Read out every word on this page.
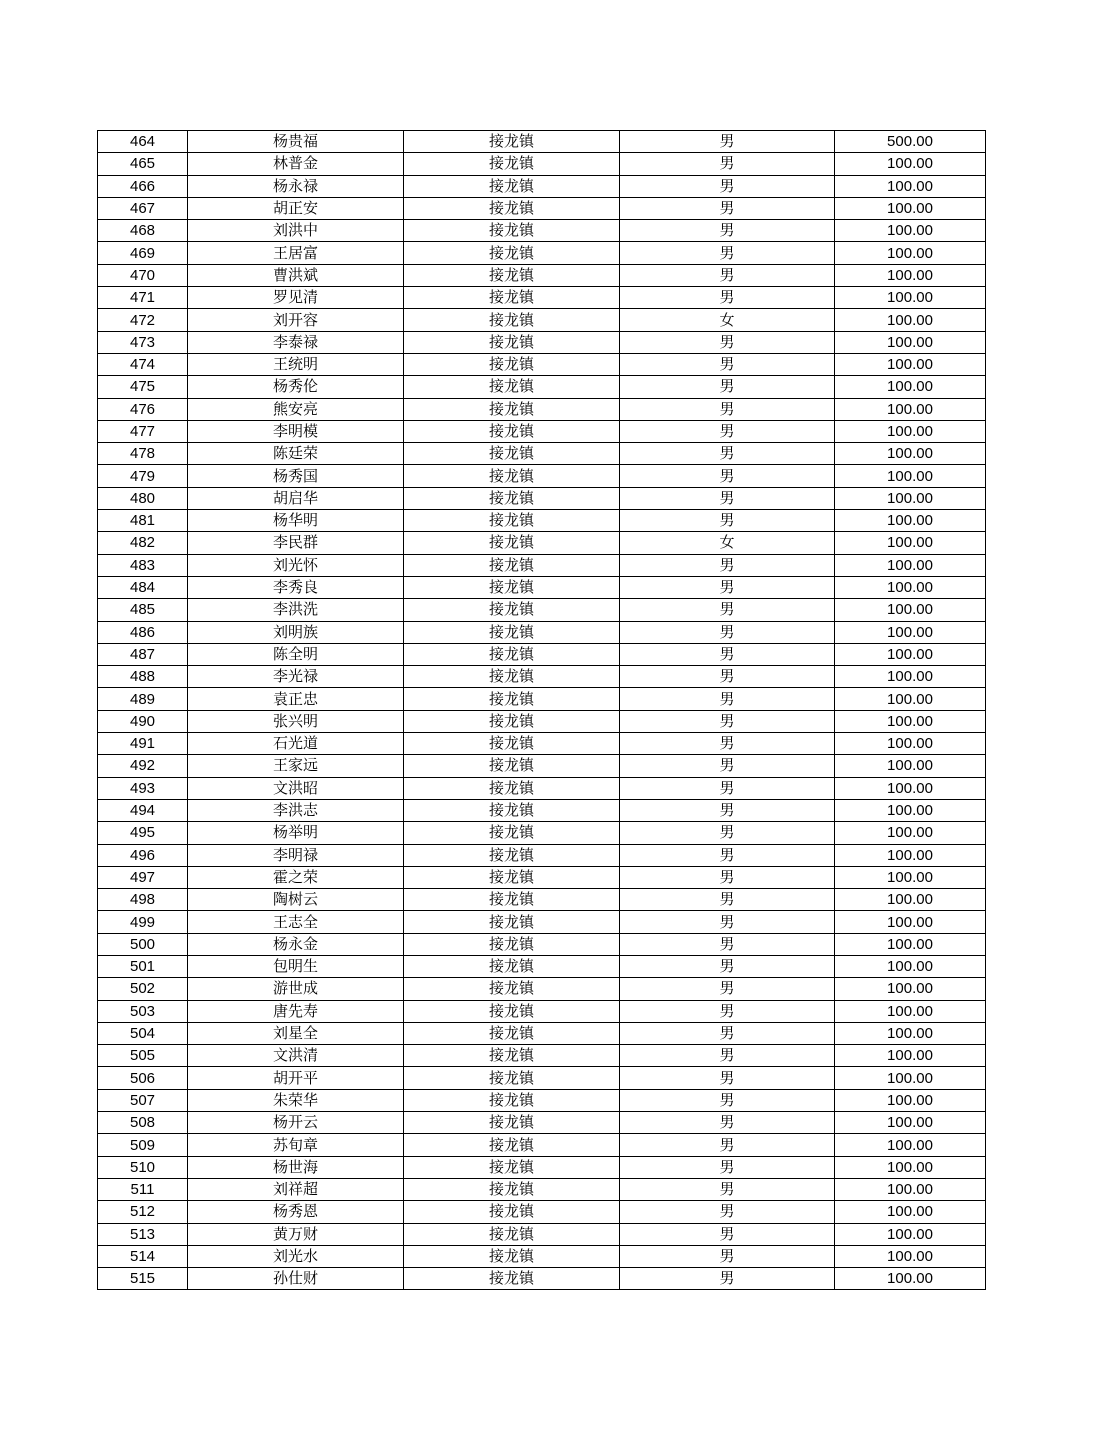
464	杨贵福	接龙镇	男	500.00
465	林普金	接龙镇	男	100.00
466	杨永禄	接龙镇	男	100.00
467	胡正安	接龙镇	男	100.00
468	刘洪中	接龙镇	男	100.00
469	王居富	接龙镇	男	100.00
470	曹洪斌	接龙镇	男	100.00
471	罗见清	接龙镇	男	100.00
472	刘开容	接龙镇	女	100.00
473	李泰禄	接龙镇	男	100.00
474	王统明	接龙镇	男	100.00
475	杨秀伦	接龙镇	男	100.00
476	熊安亮	接龙镇	男	100.00
477	李明模	接龙镇	男	100.00
478	陈廷荣	接龙镇	男	100.00
479	杨秀国	接龙镇	男	100.00
480	胡启华	接龙镇	男	100.00
481	杨华明	接龙镇	男	100.00
482	李民群	接龙镇	女	100.00
483	刘光怀	接龙镇	男	100.00
484	李秀良	接龙镇	男	100.00
485	李洪洗	接龙镇	男	100.00
486	刘明族	接龙镇	男	100.00
487	陈全明	接龙镇	男	100.00
488	李光禄	接龙镇	男	100.00
489	袁正忠	接龙镇	男	100.00
490	张兴明	接龙镇	男	100.00
491	石光道	接龙镇	男	100.00
492	王家远	接龙镇	男	100.00
493	文洪昭	接龙镇	男	100.00
494	李洪志	接龙镇	男	100.00
495	杨举明	接龙镇	男	100.00
496	李明禄	接龙镇	男	100.00
497	霍之荣	接龙镇	男	100.00
498	陶树云	接龙镇	男	100.00
499	王志全	接龙镇	男	100.00
500	杨永金	接龙镇	男	100.00
501	包明生	接龙镇	男	100.00
502	游世成	接龙镇	男	100.00
503	唐先寿	接龙镇	男	100.00
504	刘星全	接龙镇	男	100.00
505	文洪清	接龙镇	男	100.00
506	胡开平	接龙镇	男	100.00
507	朱荣华	接龙镇	男	100.00
508	杨开云	接龙镇	男	100.00
509	苏旬章	接龙镇	男	100.00
510	杨世海	接龙镇	男	100.00
511	刘祥超	接龙镇	男	100.00
512	杨秀恩	接龙镇	男	100.00
513	黄万财	接龙镇	男	100.00
514	刘光水	接龙镇	男	100.00
515	孙仕财	接龙镇	男	100.00
